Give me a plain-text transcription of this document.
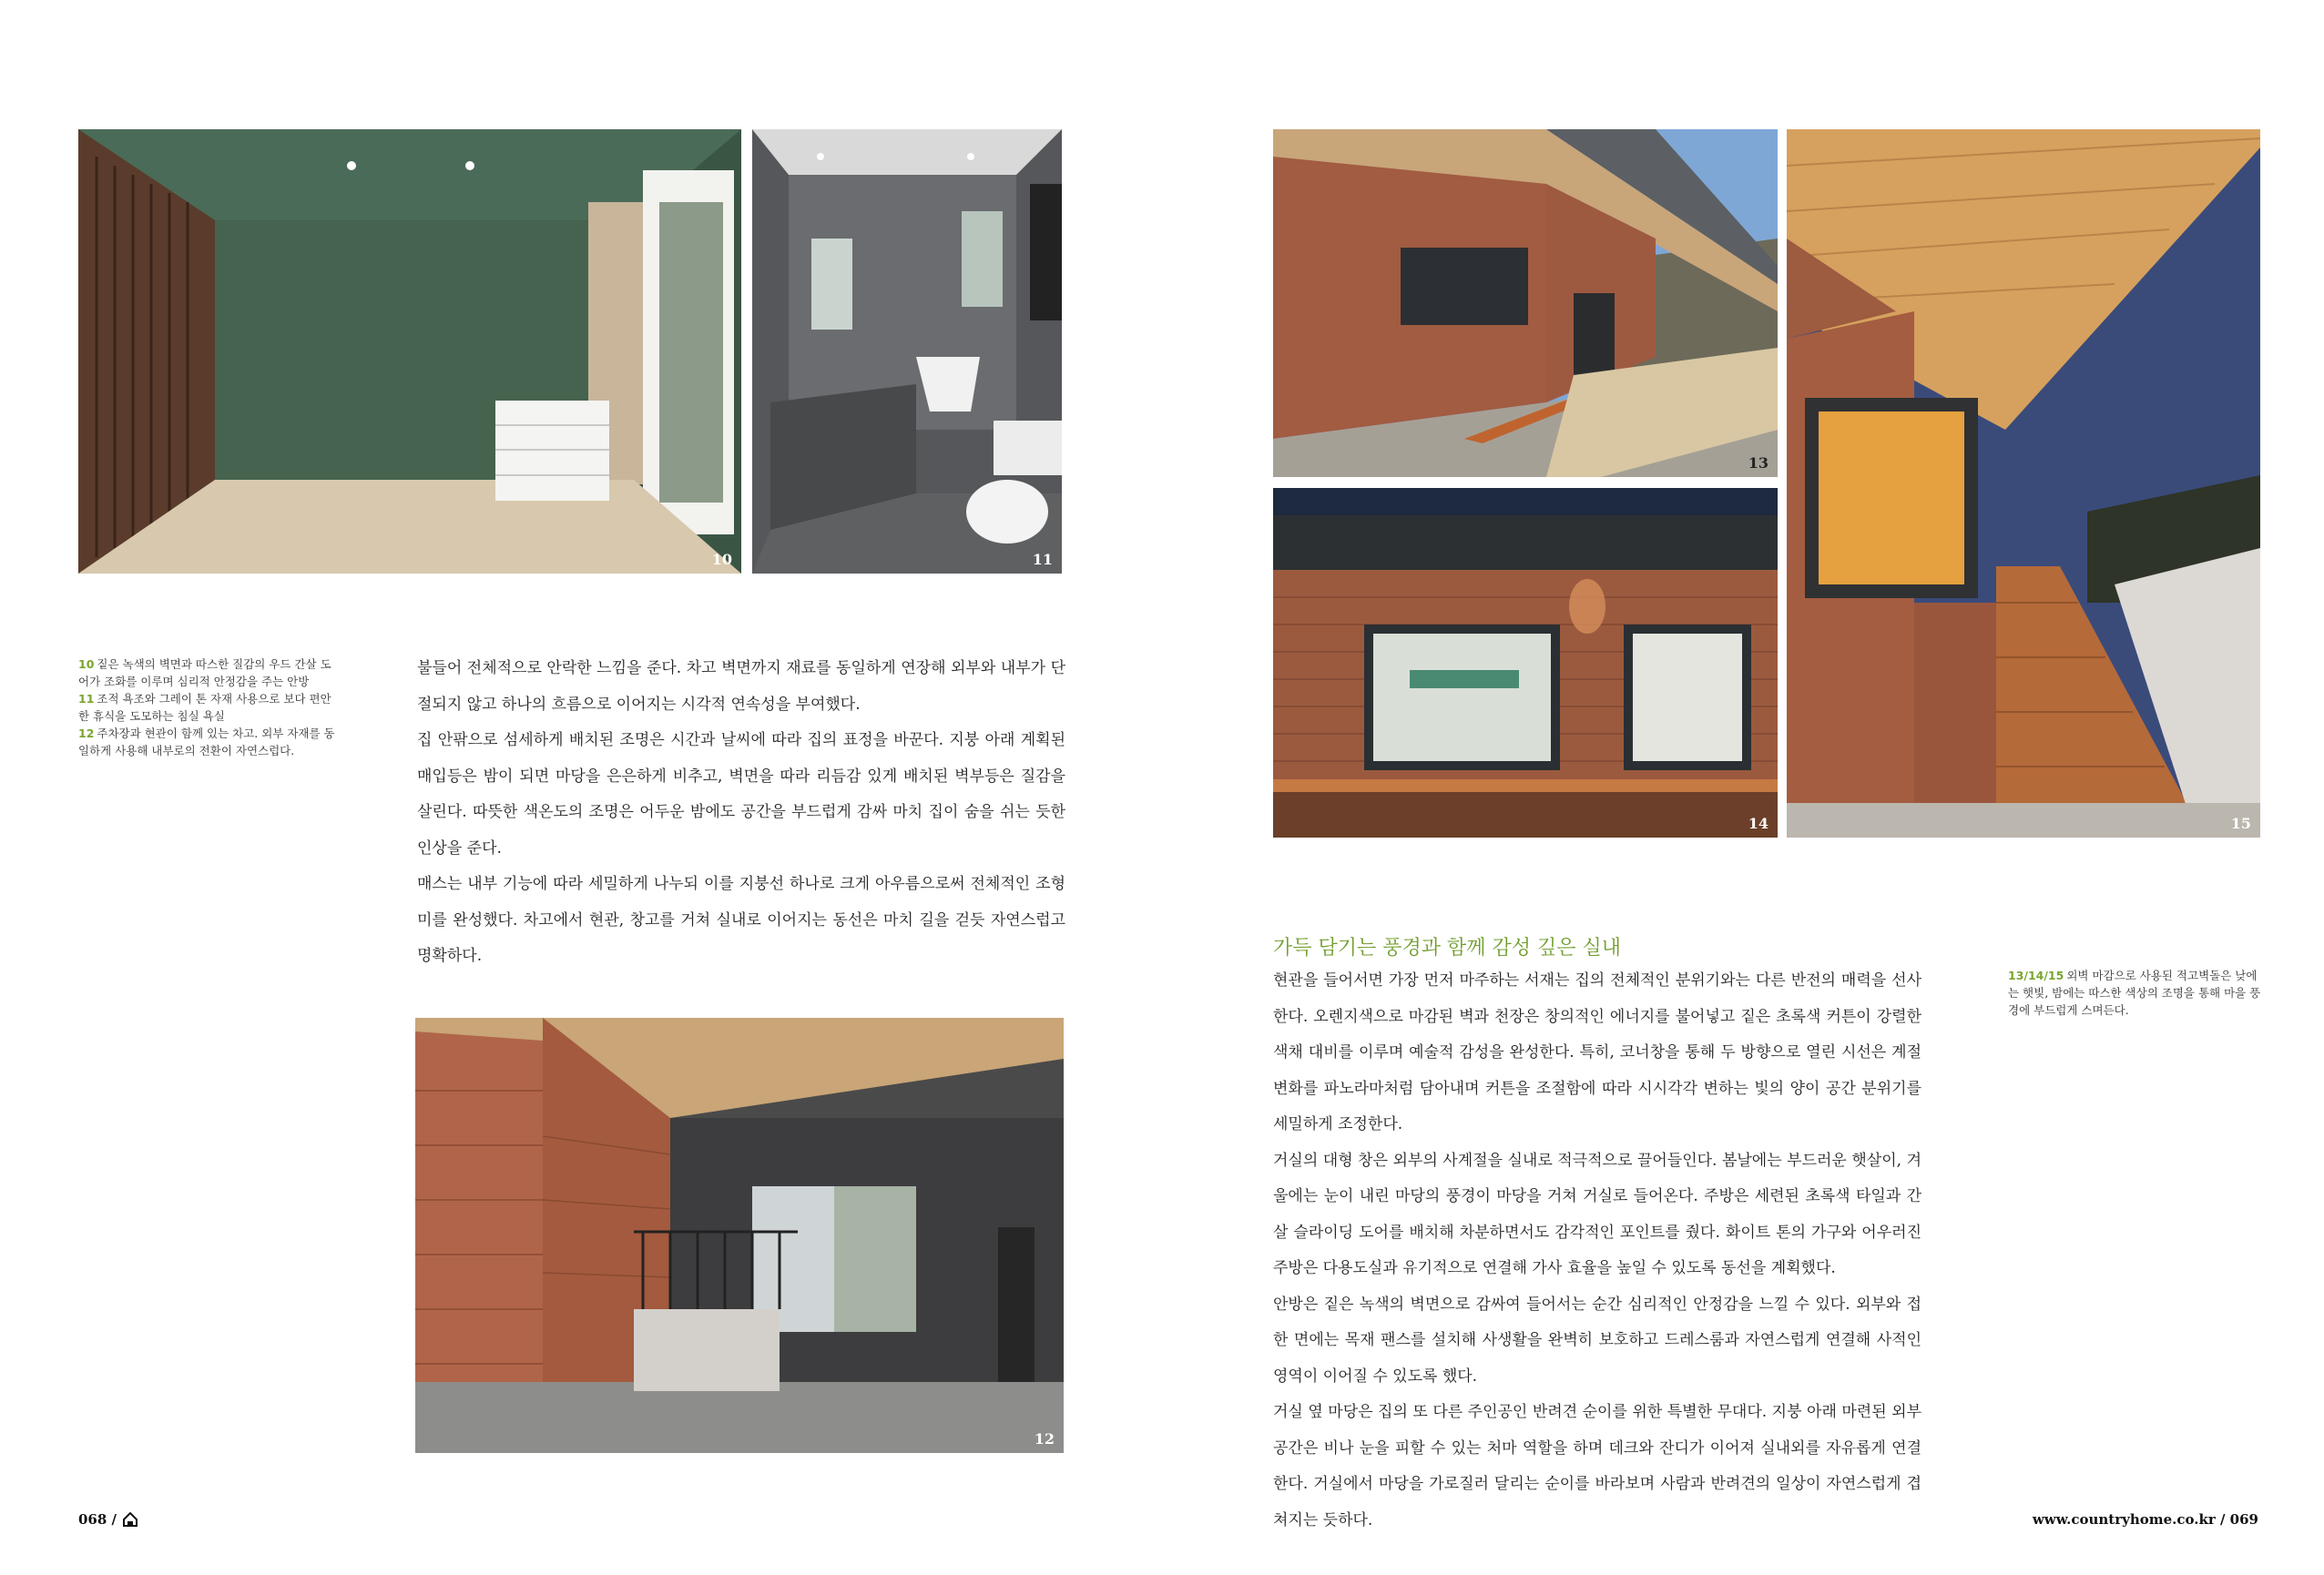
10	11
10 짙은 녹색의 벽면과 따스한 질감의 우드 간살 도어가 조화를 이루며 심리적 안정감을 주는 안방
11 조적 욕조와 그레이 톤 자재 사용으로 보다 편안한 휴식을 도모하는 침실 욕실
12 주차장과 현관이 함께 있는 차고. 외부 자재를 동일하게 사용해 내부로의 전환이 자연스럽다.

불들어 전체적으로 안락한 느낌을 준다. 차고 벽면까지 재료를 동일하게 연장해 외부와 내부가 단절되지 않고 하나의 흐름으로 이어지는 시각적 연속성을 부여했다.

집 안팎으로 섬세하게 배치된 조명은 시간과 날씨에 따라 집의 표정을 바꾼다. 지붕 아래 계획된 매입등은 밤이 되면 마당을 은은하게 비추고, 벽면을 따라 리듬감 있게 배치된 벽부등은 질감을 살린다. 따뜻한 색온도의 조명은 어두운 밤에도 공간을 부드럽게 감싸 마치 집이 숨을 쉬는 듯한 인상을 준다.

매스는 내부 기능에 따라 세밀하게 나누되 이를 지붕선 하나로 크게 아우름으로써 전체적인 조형미를 완성했다. 차고에서 현관, 창고를 거쳐 실내로 이어지는 동선은 마치 길을 걷듯 자연스럽고 명확하다.

12
068 /
13
14	15
가득 담기는 풍경과 함께 감성 깊은 실내

현관을 들어서면 가장 먼저 마주하는 서재는 집의 전체적인 분위기와는 다른 반전의 매력을 선사한다. 오렌지색으로 마감된 벽과 천장은 창의적인 에너지를 불어넣고 짙은 초록색 커튼이 강렬한 색채 대비를 이루며 예술적 감성을 완성한다. 특히, 코너창을 통해 두 방향으로 열린 시선은 계절 변화를 파노라마처럼 담아내며 커튼을 조절함에 따라 시시각각 변하는 빛의 양이 공간 분위기를 세밀하게 조정한다.

거실의 대형 창은 외부의 사계절을 실내로 적극적으로 끌어들인다. 봄날에는 부드러운 햇살이, 겨울에는 눈이 내린 마당의 풍경이 마당을 거쳐 거실로 들어온다. 주방은 세련된 초록색 타일과 간살 슬라이딩 도어를 배치해 차분하면서도 감각적인 포인트를 줬다. 화이트 톤의 가구와 어우러진 주방은 다용도실과 유기적으로 연결해 가사 효율을 높일 수 있도록 동선을 계획했다.

안방은 짙은 녹색의 벽면으로 감싸여 들어서는 순간 심리적인 안정감을 느낄 수 있다. 외부와 접한 면에는 목재 팬스를 설치해 사생활을 완벽히 보호하고 드레스룸과 자연스럽게 연결해 사적인 영역이 이어질 수 있도록 했다.

거실 옆 마당은 집의 또 다른 주인공인 반려견 순이를 위한 특별한 무대다. 지붕 아래 마련된 외부 공간은 비나 눈을 피할 수 있는 처마 역할을 하며 데크와 잔디가 이어져 실내외를 자유롭게 연결한다. 거실에서 마당을 가로질러 달리는 순이를 바라보며 사람과 반려견의 일상이 자연스럽게 겹쳐지는 듯하다.

13/14/15 외벽 마감으로 사용된 적고벽돌은 낮에는 햇빛, 밤에는 따스한 색상의 조명을 통해 마을 풍경에 부드럽게 스며든다.
www.countryhome.co.kr / 069
